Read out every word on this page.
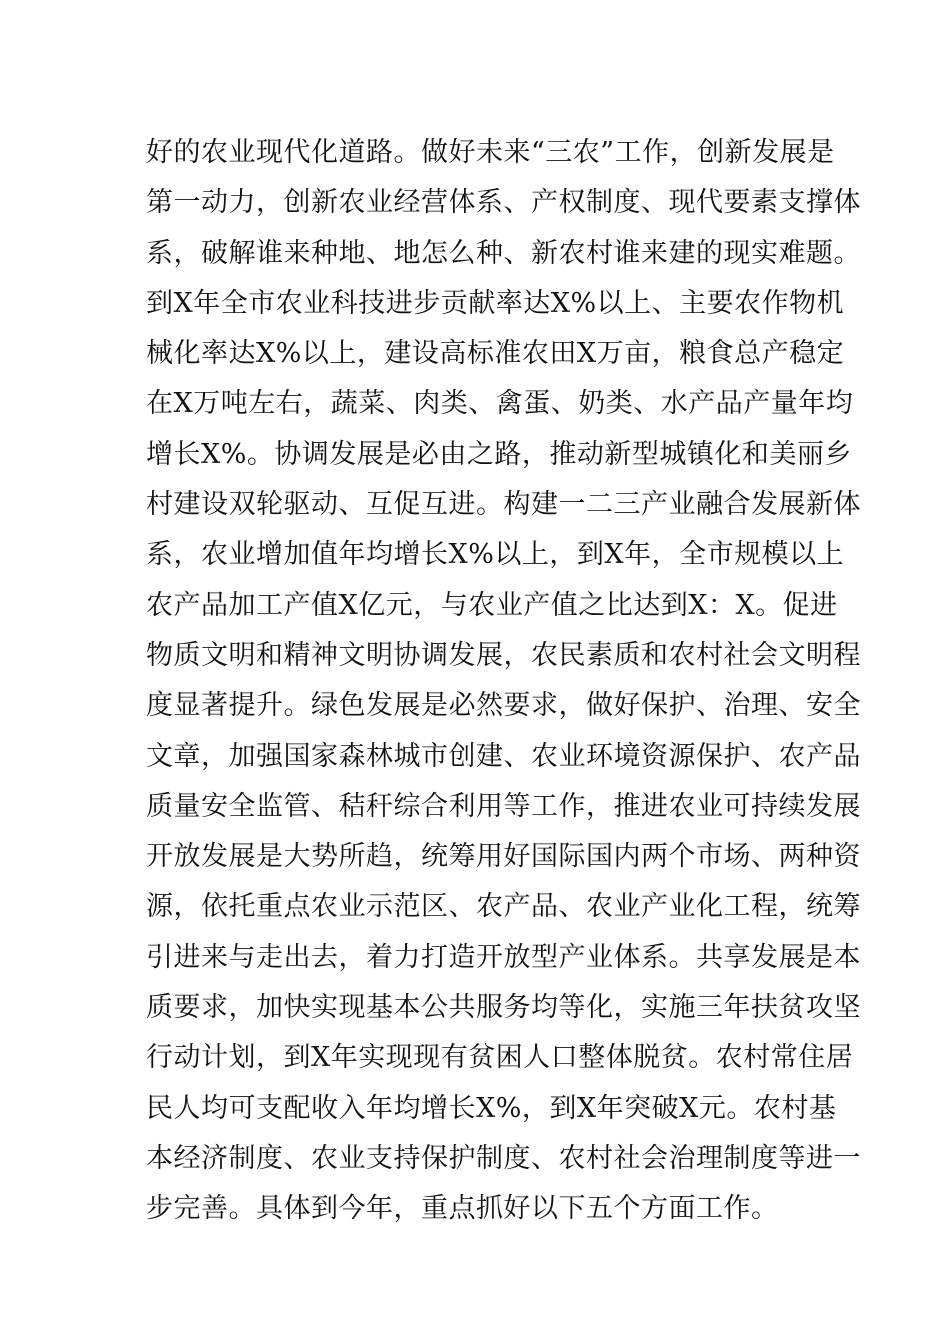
好的农业现代化道路。做好未来“三农”工作，创新发展是
第一动力，创新农业经营体系、产权制度、现代要素支撑体
系，破解谁来种地、地怎么种、新农村谁来建的现实难题。
到X年全市农业科技进步贡献率达X%以上、主要农作物机
械化率达X%以上，建设高标准农田X万亩，粮食总产稳定
在X万吨左右，蔬菜、肉类、禽蛋、奶类、水产品产量年均
增长X%。协调发展是必由之路，推动新型城镇化和美丽乡
村建设双轮驱动、互促互进。构建一二三产业融合发展新体
系，农业增加值年均增长X%以上，到X年，全市规模以上
农产品加工产值X亿元，与农业产值之比达到X：X。促进
物质文明和精神文明协调发展，农民素质和农村社会文明程
度显著提升。绿色发展是必然要求，做好保护、治理、安全
文章，加强国家森林城市创建、农业环境资源保护、农产品
质量安全监管、秸秆综合利用等工作，推进农业可持续发展
开放发展是大势所趋，统筹用好国际国内两个市场、两种资
源，依托重点农业示范区、农产品、农业产业化工程，统筹
引进来与走出去，着力打造开放型产业体系。共享发展是本
质要求，加快实现基本公共服务均等化，实施三年扶贫攻坚
行动计划，到X年实现现有贫困人口整体脱贫。农村常住居
民人均可支配收入年均增长X%，到X年突破X元。农村基
本经济制度、农业支持保护制度、农村社会治理制度等进一
步完善。具体到今年，重点抓好以下五个方面工作。
